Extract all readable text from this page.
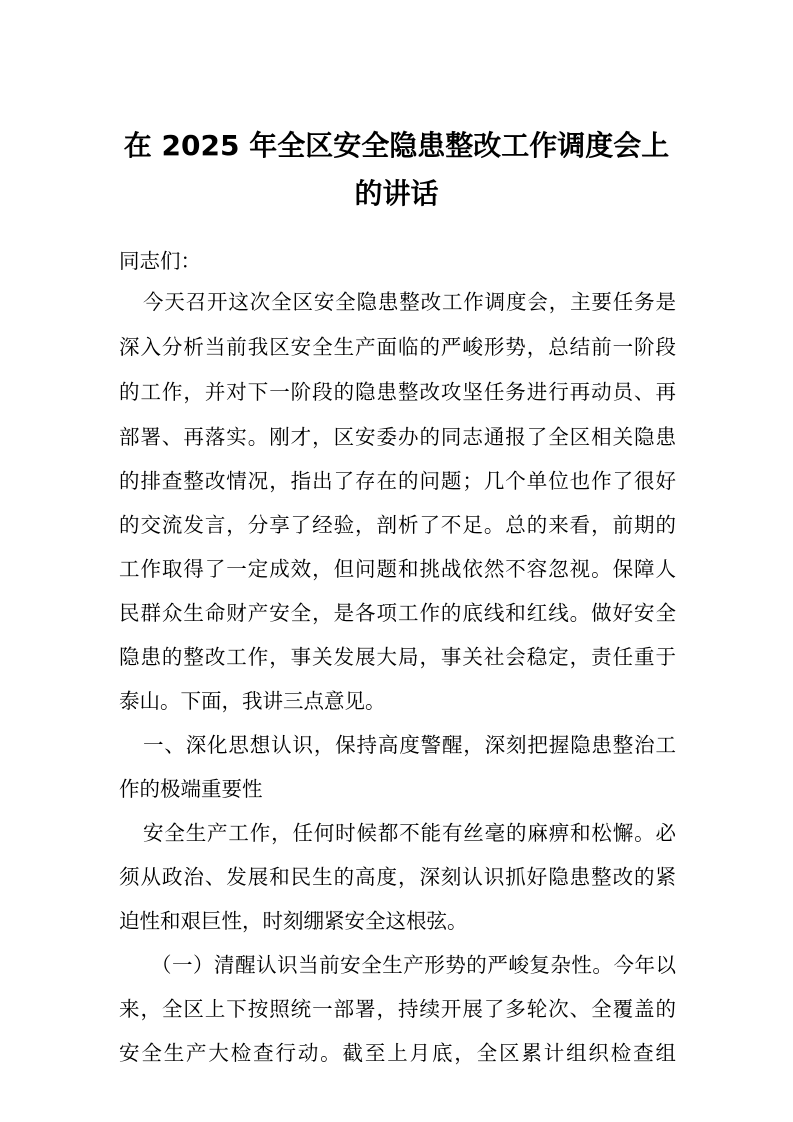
在 2025 年全区安全隐患整改工作调度会上
的讲话
同志们：
今天召开这次全区安全隐患整改工作调度会，主要任务是
深入分析当前我区安全生产面临的严峻形势，总结前一阶段
的工作，并对下一阶段的隐患整改攻坚任务进行再动员、再
部署、再落实。刚才，区安委办的同志通报了全区相关隐患
的排查整改情况，指出了存在的问题；几个单位也作了很好
的交流发言，分享了经验，剖析了不足。总的来看，前期的
工作取得了一定成效，但问题和挑战依然不容忽视。保障人
民群众生命财产安全，是各项工作的底线和红线。做好安全
隐患的整改工作，事关发展大局，事关社会稳定，责任重于
泰山。下面，我讲三点意见。
一、深化思想认识，保持高度警醒，深刻把握隐患整治工
作的极端重要性
安全生产工作，任何时候都不能有丝毫的麻痹和松懈。必
须从政治、发展和民生的高度，深刻认识抓好隐患整改的紧
迫性和艰巨性，时刻绷紧安全这根弦。
（一）清醒认识当前安全生产形势的严峻复杂性。今年以
来，全区上下按照统一部署，持续开展了多轮次、全覆盖的
安全生产大检查行动。截至上月底，全区累计组织检查组
